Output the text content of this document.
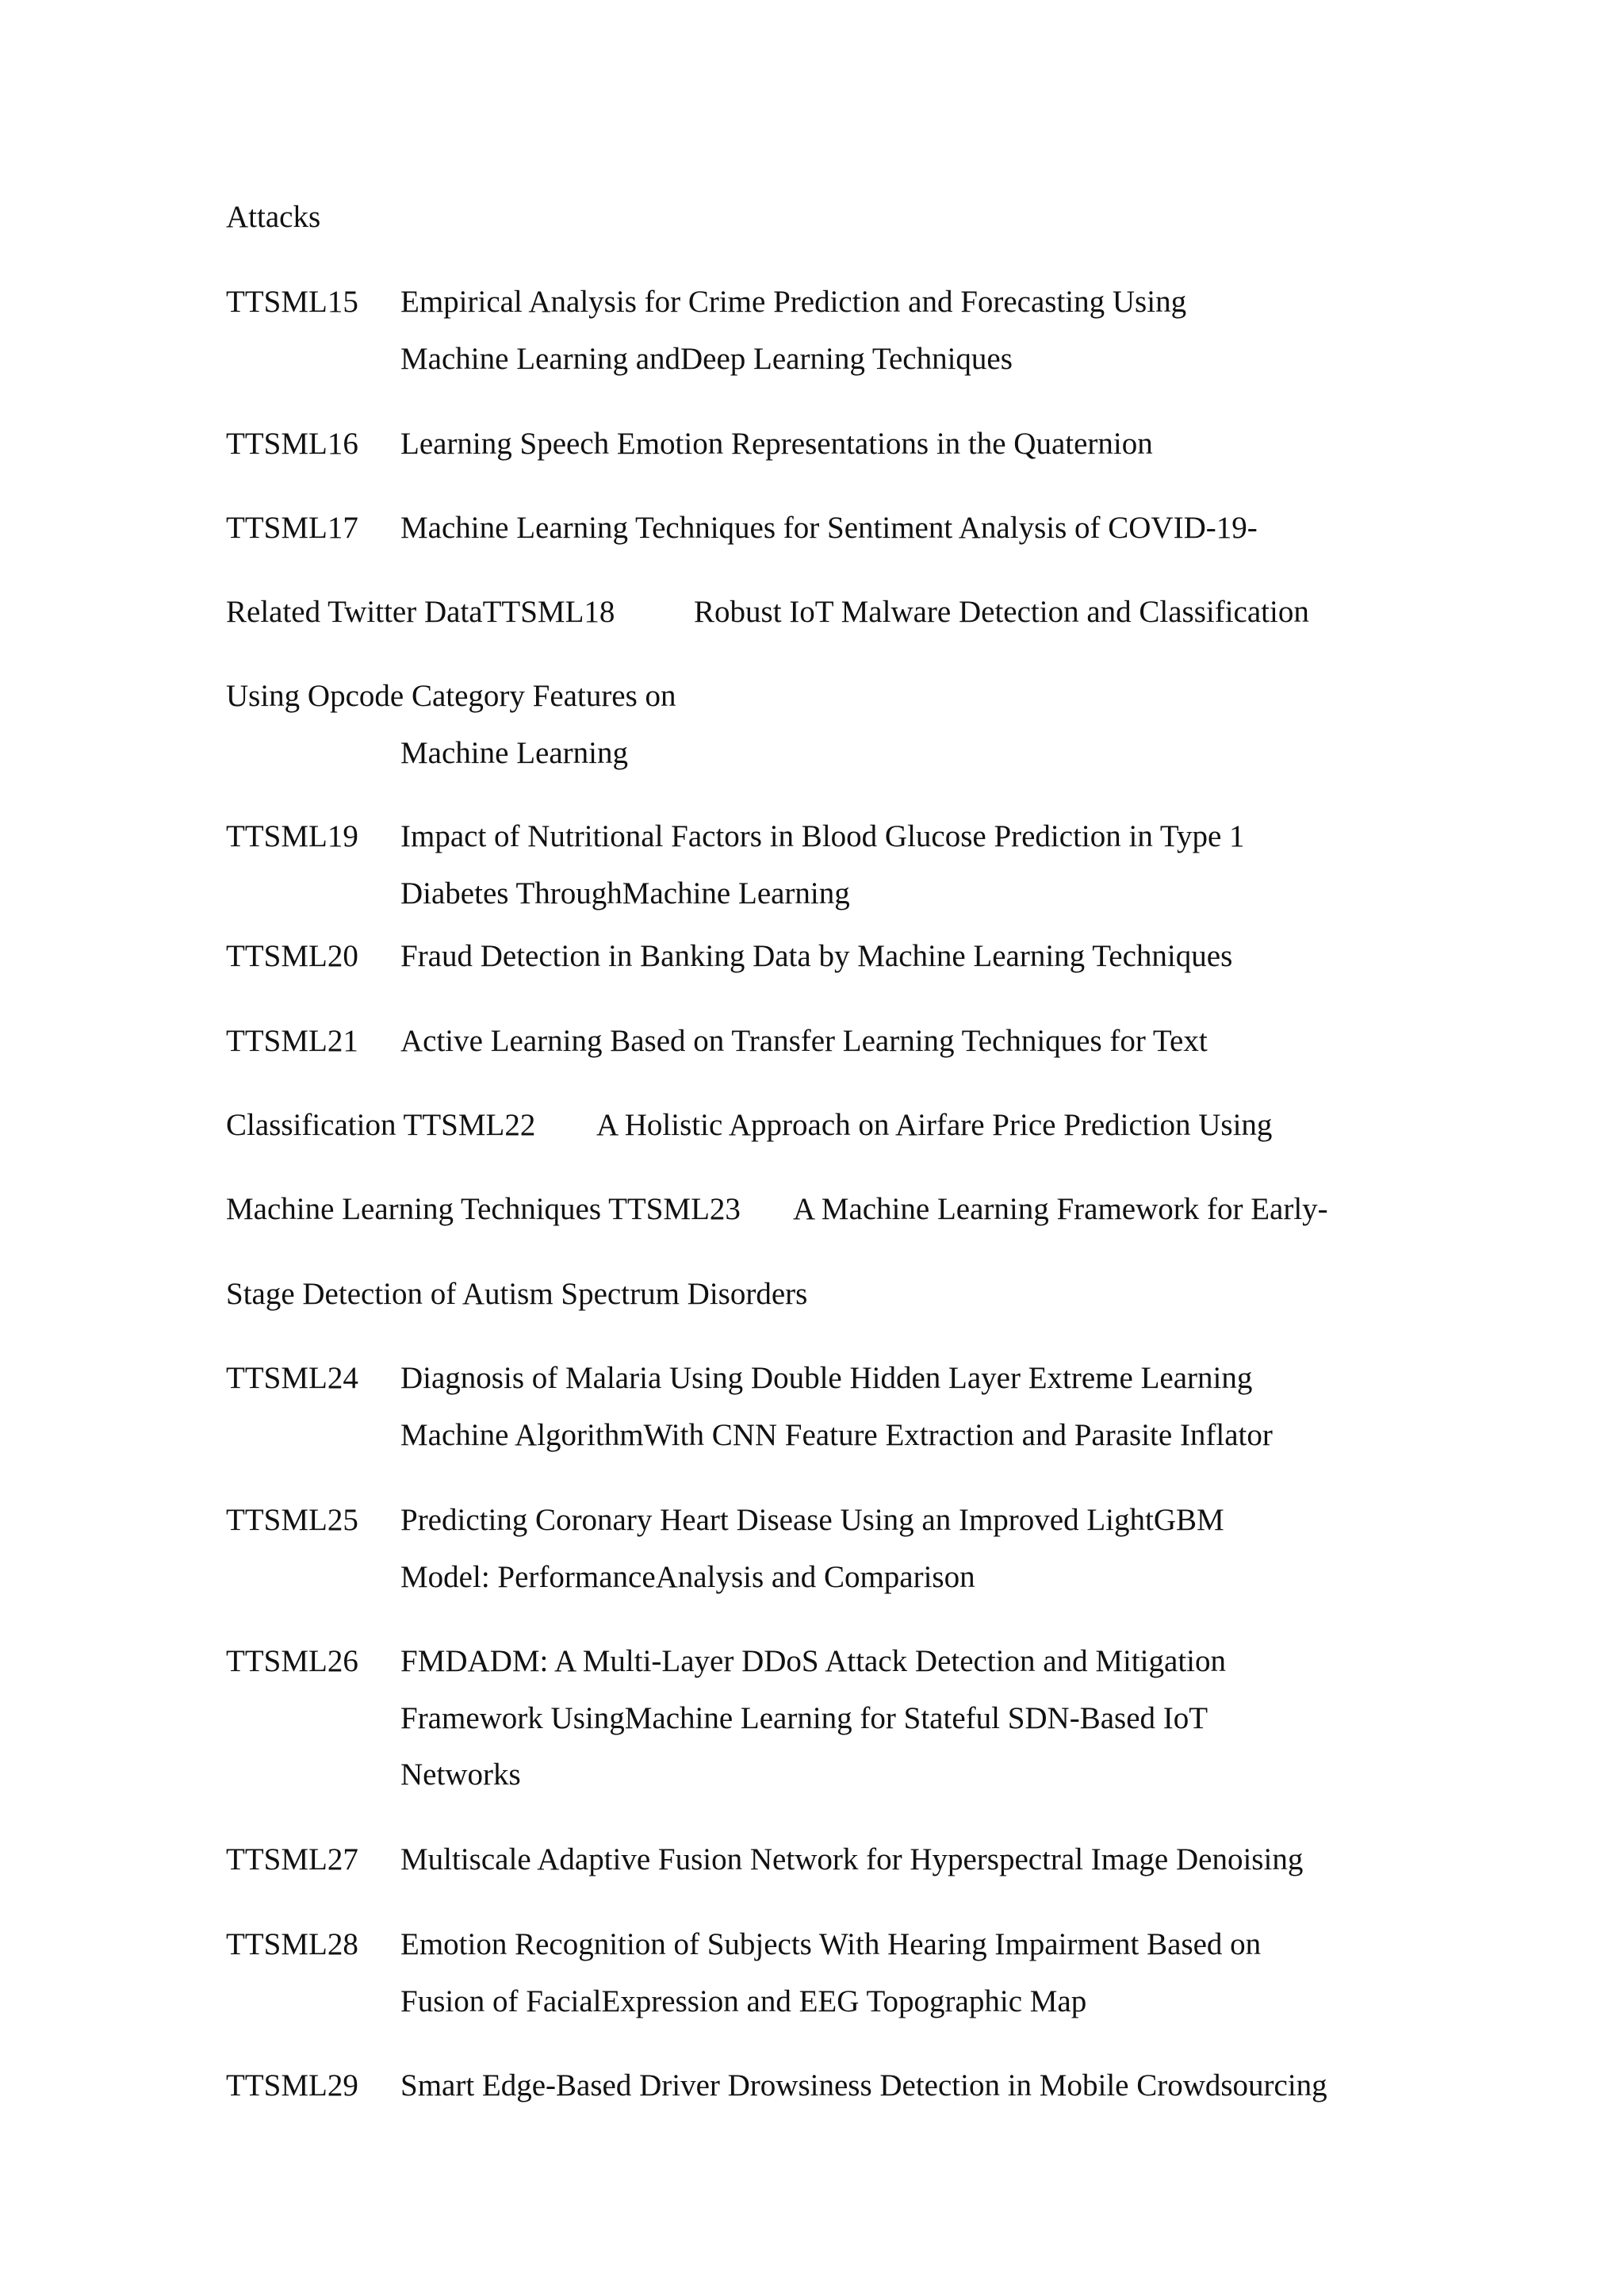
Attacks
TTSML15 Empirical Analysis for Crime Prediction and Forecasting Using
Machine Learning andDeep Learning Techniques
TTSML16 Learning Speech Emotion Representations in the Quaternion
TTSML17 Machine Learning Techniques for Sentiment Analysis of COVID-19-
Related Twitter DataTTSML18	Robust IoT Malware Detection and Classification
Using Opcode Category Features on
Machine Learning
TTSML19 Impact of Nutritional Factors in Blood Glucose Prediction in Type 1
Diabetes ThroughMachine Learning
TTSML20 Fraud Detection in Banking Data by Machine Learning Techniques
TTSML21 Active Learning Based on Transfer Learning Techniques for Text
Classification TTSML22 A Holistic Approach on Airfare Price Prediction Using
Machine Learning Techniques TTSML23 A Machine Learning Framework for Early-
Stage Detection of Autism Spectrum Disorders
TTSML24 Diagnosis of Malaria Using Double Hidden Layer Extreme Learning
Machine AlgorithmWith CNN Feature Extraction and Parasite Inflator
TTSML25 Predicting Coronary Heart Disease Using an Improved LightGBM
Model: PerformanceAnalysis and Comparison
TTSML26 FMDADM: A Multi-Layer DDoS Attack Detection and Mitigation
Framework UsingMachine Learning for Stateful SDN-Based IoT
Networks
TTSML27 Multiscale Adaptive Fusion Network for Hyperspectral Image Denoising
TTSML28 Emotion Recognition of Subjects With Hearing Impairment Based on
Fusion of FacialExpression and EEG Topographic Map
TTSML29 Smart Edge-Based Driver Drowsiness Detection in Mobile Crowdsourcing
